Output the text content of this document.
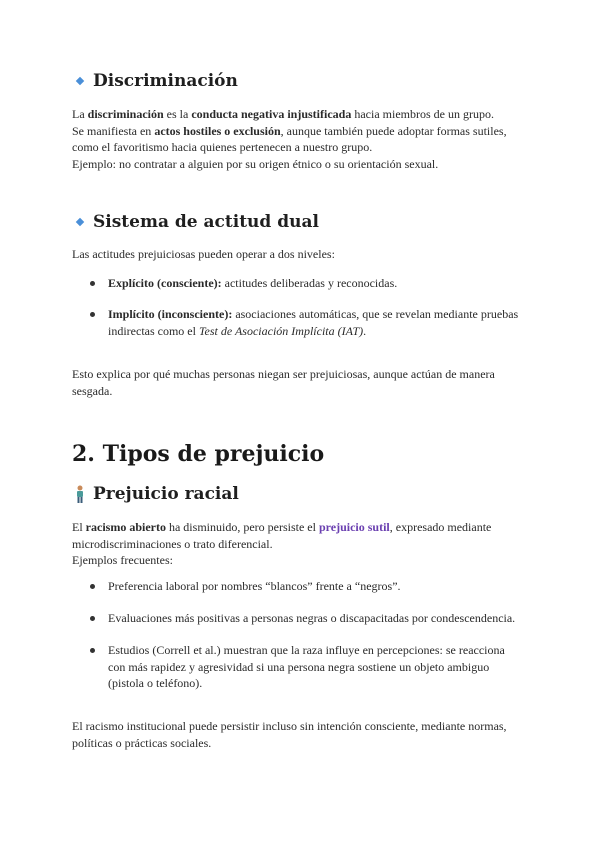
Discriminación
La discriminación es la conducta negativa injustificada hacia miembros de un grupo.
Se manifiesta en actos hostiles o exclusión, aunque también puede adoptar formas sutiles,
como el favoritismo hacia quienes pertenecen a nuestro grupo.
Ejemplo: no contratar a alguien por su origen étnico o su orientación sexual.
Sistema de actitud dual
Las actitudes prejuiciosas pueden operar a dos niveles:
Explícito (consciente): actitudes deliberadas y reconocidas.
Implícito (inconsciente): asociaciones automáticas, que se revelan mediante pruebas
indirectas como el Test de Asociación Implícita (IAT).
Esto explica por qué muchas personas niegan ser prejuiciosas, aunque actúan de manera
sesgada.
2. Tipos de prejuicio
Prejuicio racial
El racismo abierto ha disminuido, pero persiste el prejuicio sutil, expresado mediante
microdiscriminaciones o trato diferencial.
Ejemplos frecuentes:
Preferencia laboral por nombres “blancos” frente a “negros”.
Evaluaciones más positivas a personas negras o discapacitadas por condescendencia.
Estudios (Correll et al.) muestran que la raza influye en percepciones: se reacciona
con más rapidez y agresividad si una persona negra sostiene un objeto ambiguo
(pistola o teléfono).
El racismo institucional puede persistir incluso sin intención consciente, mediante normas,
políticas o prácticas sociales.
